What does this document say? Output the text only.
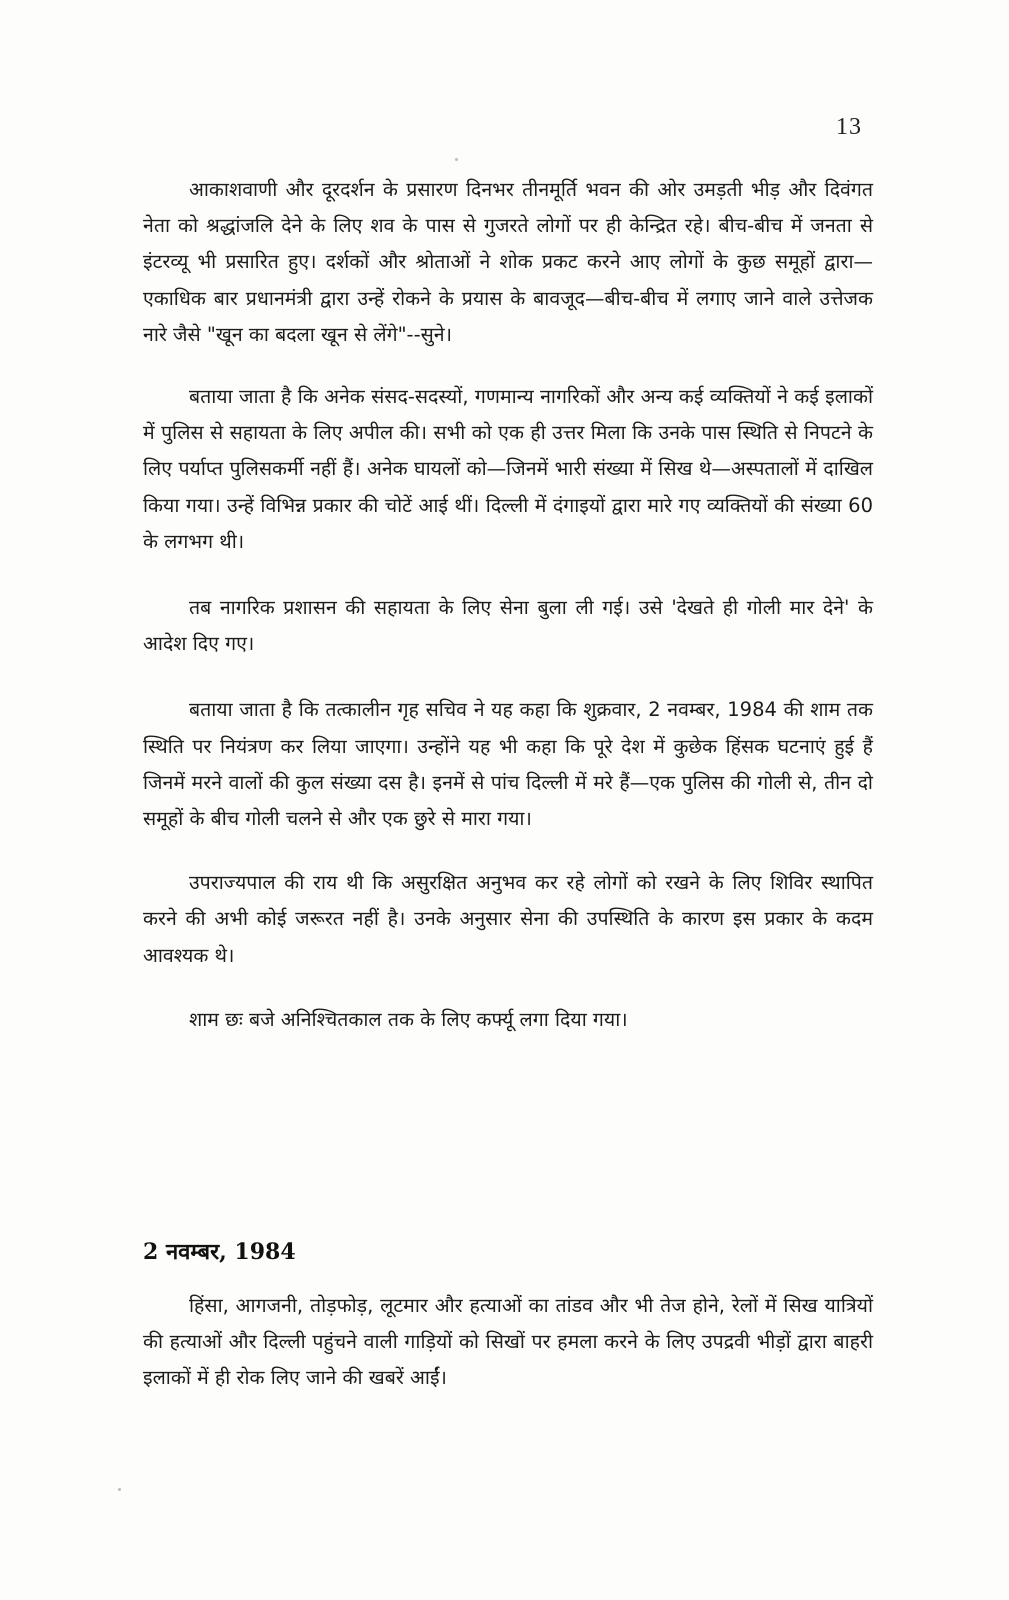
13

आकाशवाणी और दूरदर्शन के प्रसारण दिनभर तीनमूर्ति भवन की ओर उमड़ती भीड़ और दिवंगत नेता को श्रद्धांजलि देने के लिए शव के पास से गुजरते लोगों पर ही केन्द्रित रहे। बीच-बीच में जनता से इंटरव्यू भी प्रसारित हुए। दर्शकों और श्रोताओं ने शोक प्रकट करने आए लोगों के कुछ समूहों द्वारा— एकाधिक बार प्रधानमंत्री द्वारा उन्हें रोकने के प्रयास के बावजूद—बीच-बीच में लगाए जाने वाले उत्तेजक नारे जैसे "खून का बदला खून से लेंगे"--सुने।

बताया जाता है कि अनेक संसद-सदस्यों, गणमान्य नागरिकों और अन्य कई व्यक्तियों ने कई इलाकों में पुलिस से सहायता के लिए अपील की। सभी को एक ही उत्तर मिला कि उनके पास स्थिति से निपटने के लिए पर्याप्त पुलिसकर्मी नहीं हैं। अनेक घायलों को—जिनमें भारी संख्या में सिख थे—अस्पतालों में दाखिल किया गया। उन्हें विभिन्न प्रकार की चोटें आई थीं। दिल्ली में दंगाइयों द्वारा मारे गए व्यक्तियों की संख्या 60 के लगभग थी।

तब नागरिक प्रशासन की सहायता के लिए सेना बुला ली गई। उसे 'देखते ही गोली मार देने' के आदेश दिए गए।

बताया जाता है कि तत्कालीन गृह सचिव ने यह कहा कि शुक्रवार, 2 नवम्बर, 1984 की शाम तक स्थिति पर नियंत्रण कर लिया जाएगा। उन्होंने यह भी कहा कि पूरे देश में कुछेक हिंसक घटनाएं हुई हैं जिनमें मरने वालों की कुल संख्या दस है। इनमें से पांच दिल्ली में मरे हैं—एक पुलिस की गोली से, तीन दो समूहों के बीच गोली चलने से और एक छुरे से मारा गया।

उपराज्यपाल की राय थी कि असुरक्षित अनुभव कर रहे लोगों को रखने के लिए शिविर स्थापित करने की अभी कोई जरूरत नहीं है। उनके अनुसार सेना की उपस्थिति के कारण इस प्रकार के कदम आवश्यक थे।

शाम छः बजे अनिश्चितकाल तक के लिए कर्फ्यू लगा दिया गया।

2 नवम्बर, 1984

हिंसा, आगजनी, तोड़फोड़, लूटमार और हत्याओं का तांडव और भी तेज होने, रेलों में सिख यात्रियों की हत्याओं और दिल्ली पहुंचने वाली गाड़ियों को सिखों पर हमला करने के लिए उपद्रवी भीड़ों द्वारा बाहरी इलाकों में ही रोक लिए जाने की खबरें आईं।
